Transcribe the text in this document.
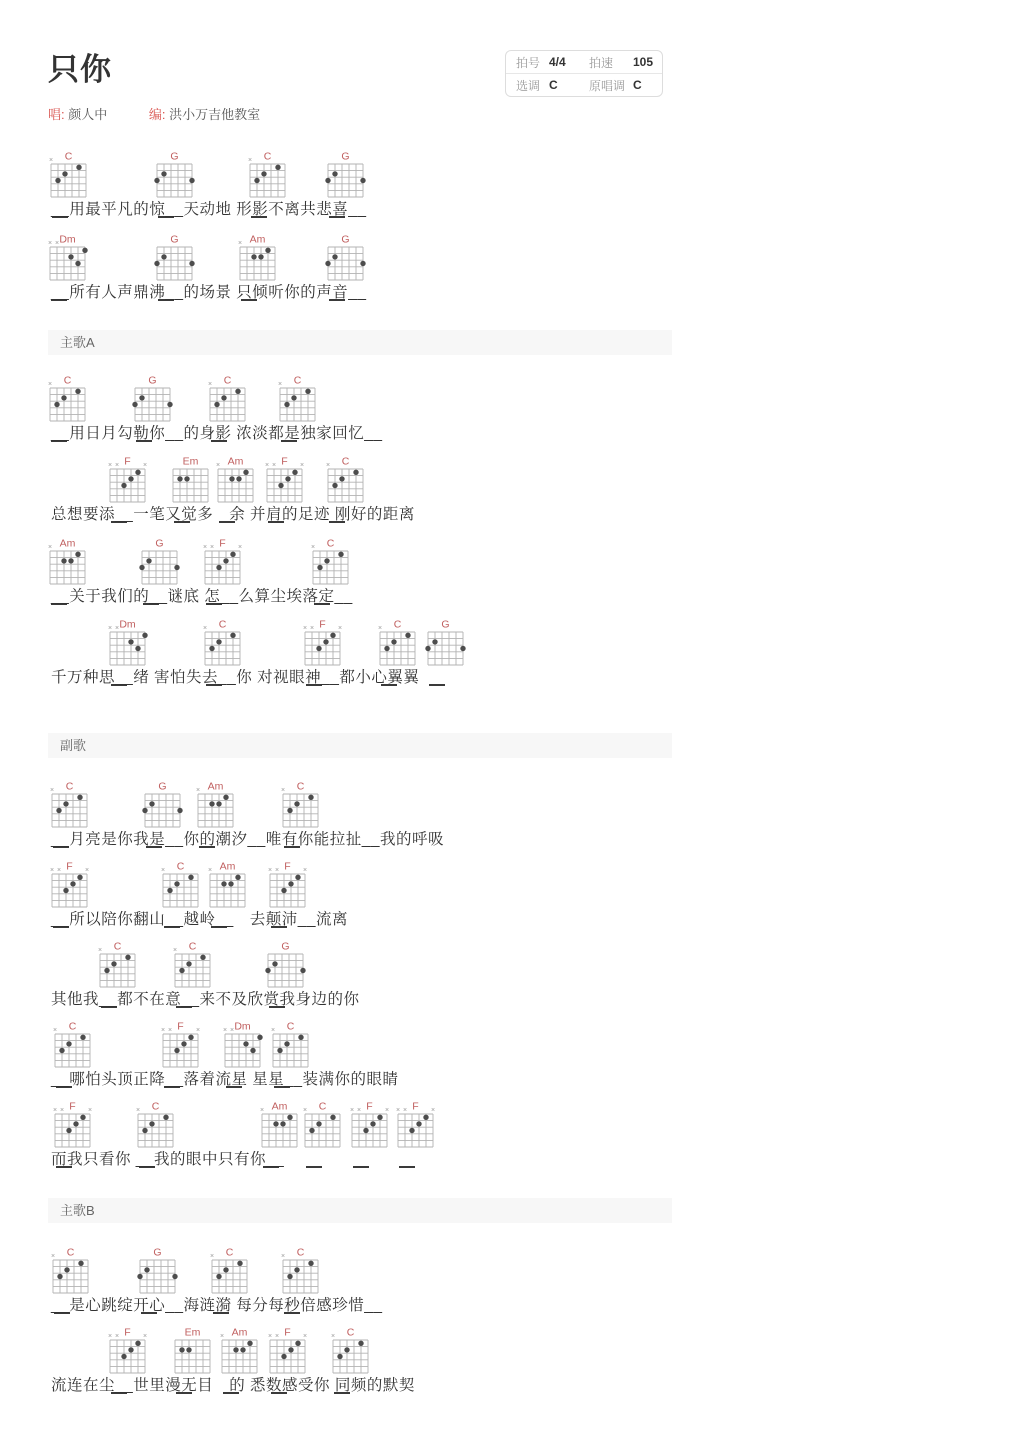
只你	拍号 4/4	拍速	105
选调 C	原唱调 C
唱: 颜人中	编: 洪小万吉他教室
C
×	G	C
×	G
__用最平凡的惊__天动地 形影不离共悲喜__
Dm
× ×	G	Am
×	G
__所有人声鼎沸__的场景 只倾听你的声音__
主歌A
C
×	G	C
×	C
×
__用日月勾勒你__的身影 浓淡都是独家回忆__
F
× ×	×	Em	Am
×	F
× ×	×	C
×
总想要添__一笔又觉多　余 并肩的足迹 刚好的距离
Am
×	G	F
× ×	×	C
×
__关于我们的__谜底 怎__么算尘埃落定__
Dm
× ×	C
×	F
× ×	×	C
×	G
千万种思__绪 害怕失去__你 对视眼神__都小心翼翼
副歌
C
×	G	Am
×	C
×
__月亮是你我是__你的潮汐__唯有你能拉扯__我的呼吸
F
× ×	×	C
×	Am
×	F
× ×	×
__所以陪你翻山__越岭__　去颠沛__流离
C
×	C
×	G
其他我__都不在意__来不及欣赏我身边的你
C
×	F
× ×	×	Dm
× ×	C
×
__哪怕头顶正降__落着流星 星星__装满你的眼睛
F
× ×	×	C
×	Am
×	C
×	F
× ×	× F
× ×	×
而我只看你 __我的眼中只有你__
主歌B
C
×	G	C
×	C
×
__是心跳绽开心__海涟漪 每分每秒倍感珍惜__
F
× ×	×	Em	Am
×	F
× ×	×	C
×
流连在尘__世里漫无目　的 悉数感受你 同频的默契
